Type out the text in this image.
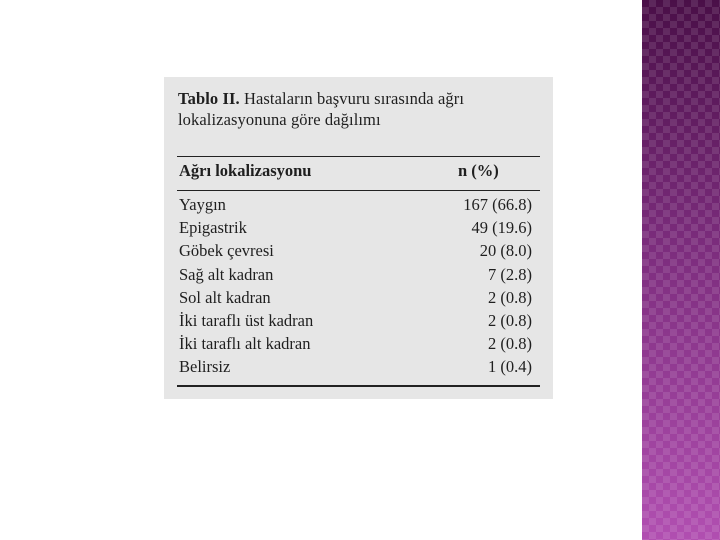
Tablo II. Hastaların başvuru sırasında ağrı lokalizasyonuna göre dağılımı
Ağrı lokalizasyonu	n (%)
Yaygın	167 (66.8)
Epigastrik	49 (19.6)
Göbek çevresi	20 (8.0)
Sağ alt kadran	7 (2.8)
Sol alt kadran	2 (0.8)
İki taraflı üst kadran	2 (0.8)
İki taraflı alt kadran	2 (0.8)
Belirsiz	1 (0.4)
